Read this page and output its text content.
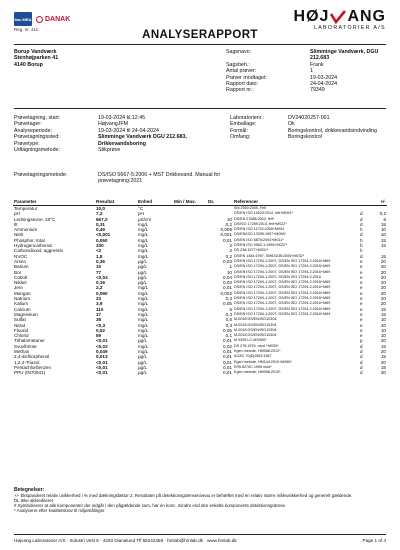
ilac-MRA DANAK
Reg. nr. 411
HØJ ANG
LABORATORIER A/S
ANALYSERAPPORT
Borup Vandværk
Stenhøjparken 41
4140 Borup
Sagsnavn:	Slimminge Vandværk, DGU 212.683
Sagsbeh.:	Frank
Antal prøver:	1
Prøver modtaget:	19-03-2024
Rapport dato:	24-04-2024
Rapport nr.:	79349
Prøvetagning, start:	19-03-2024 kl.12:45
Prøvetager:	HøjvangJFM
Analyseperiode:	19-03-2024 til 24-04-2024
Prøvetagningssted:	Slimminge Vandværk DGU 212.683,
Prøvetype:	Drikkevandsboring
Udtagningsmetode:	Stikprøve
Laboratorienr.:	DV24020257-001
Emballage:	Ok
Formål:	Boringskontrol, drikkevandsindvinding
Omfang:	Boringskontrol
Prøvetagningsmetode:	DS/ISO 5667-5:2006 + MST Drikkevand. Manual for prøvetagning:2021
Parameter	Resultat	Enhed	Min / Max.	DL	Referencer		+/-
Temperatur	10,0	°C			SM 2550:2005, Felt		
pH	7,2	pH			DS/EN ISO 10523:2012, felt+M051*	d	0,2
Ledningsevne, 20°C	667,0	µS/cm		10	DS/EN 27888:2003, felt*	d	6
Ilt	0,31	mg/L		0,2	DS/ISO 17289:2014, felt+M022*	d	18
Ammonium	0,49	mg/L		0,005	DS/EN ISO 11732:2005+M004	h	10
Nitrit	<0,001	mg/L		0,001	DS/EN/ISO 13395:1997+M006*	d	10
Phosphor, total	0,050	mg/L		0,01	DS/EN ISO 6878:2004+M011*	h	15
Hydrogencarbonat	330	mg/L		2	DS/EN ISO 9963-1:1996+M037*	h	15
Carbondioxid, aggressiv	<2	mg/L		2	DS 236:1977+M031*	h	
NVOC	1,8	mg/L		0,2	DS/EN 1484:1997, SM5310B:2005+M032*	d	15
Arsen	0,36	µg/L		0,03	DS/EN ISO 17294-1:2007, DS/EN ISO 17294-2:2016+M69	e	20
Barium	10	µg/L		1	DS/EN ISO 17294-1:2007, DS/EN ISO 17294-2:2016+M69	e	20
Bor	77	µg/L		10	DS/EN ISO 17294-1:2007, DS/EN ISO 17294-2:2016+M69	e	20
Cobolt	<0,04	µg/L		0,04	DS/EN ISO 17294-1:2007, DS/EN ISO 17294-2:2016	e	20
Nikkel	0,19	µg/L		0,03	DS/EN ISO 17294-1:2007, DS/EN ISO 17294-2:2016+M69	e	20
Jern	2,2	mg/L		0,01	DS/EN ISO 17294-1:2007, DS/EN ISO 17294-2:2016+M69	e	20
Mangan	0,090	mg/L		0,002	DS/EN ISO 17294-1:2007, DS/EN ISO 17294-2:2016+M69	e	20
Natrium	23	mg/L		0,3	DS/EN ISO 17294-1:2007, DS/EN ISO 17294-2:2016+M69	e	20
Kalium	3,9	mg/L		0,05	DS/EN ISO 17294-1:2007, DS/EN ISO 17294-2:2016+M69	e	20
Calcium	110	mg/L		5	DS/EN ISO 17294-1:2007, DS/EN ISO 17294-2:2016+M69	e	15
Magnesium	17	mg/L		0,3	DS/EN ISO 17294-1:2007, DS/EN ISO 17294-2:2016+M69	e	15
Sulfat	38	mg/L		0,5	M-0018 DS/EN/ISO10304	e	10
Nitrat	<0,3	mg/L		0,3	M-0018 DS/EN/ISO10304	e	10
Fluorid	0,52	mg/L		0,05	M-0018 DS/EN/ISO10304	e	10
Chlorid	59	mg/L		0,1	M-0018 DS/EN/ISO10304	e	10
Trihalometaner	<0,01	µg/L		0,01	M 0399 LC-MS/MS*	p	30
Svovlbrinte	<0,02	mg/L		0,02	DS 278:1976, mod +M030*	d	15
Methan	0,049	mg/L		0,01	Egen metode, HM088:2012*	d	20
2,4-dichlorphenol	0,013	µg/L		0,01	AOAC 70(6)1063:1987	d	15
1,2,4-Triazol	<0,01	µg/L		0,01	Egen metode, HM144:2019+M065*	d	20
Pentachlorbenzen	<0,01	µg/L		0,01	EPA 8270C 1996 mod*	d	15
PPU (IN70941)	<0,01	µg/L		0,01	Egen metode, HM056:2019*	d	30
Betegnelser:
+/- Ekspanderet relativ usikkerhed i % med dækningsfaktor 2. Resultater på detektionsgrænseniveau er behæftet med en relativ større måleusikkerhed og generelt gældende.
DL Ikke akkrediteret
# Symboliserer at alle komponenter der indgår i den pågældende sum, har en konc. mindre end den enkelte komponents detektionsgrænse.
* Analyseret efter kvalitetskrav til miljømålinger
Højvang Laboratorier A/S · Industri Vest 8 · 4293 Dianalund Tlf 58242458 · hmlab@hmlab.dk · www.hmlab.dk	Page 1 of 4
